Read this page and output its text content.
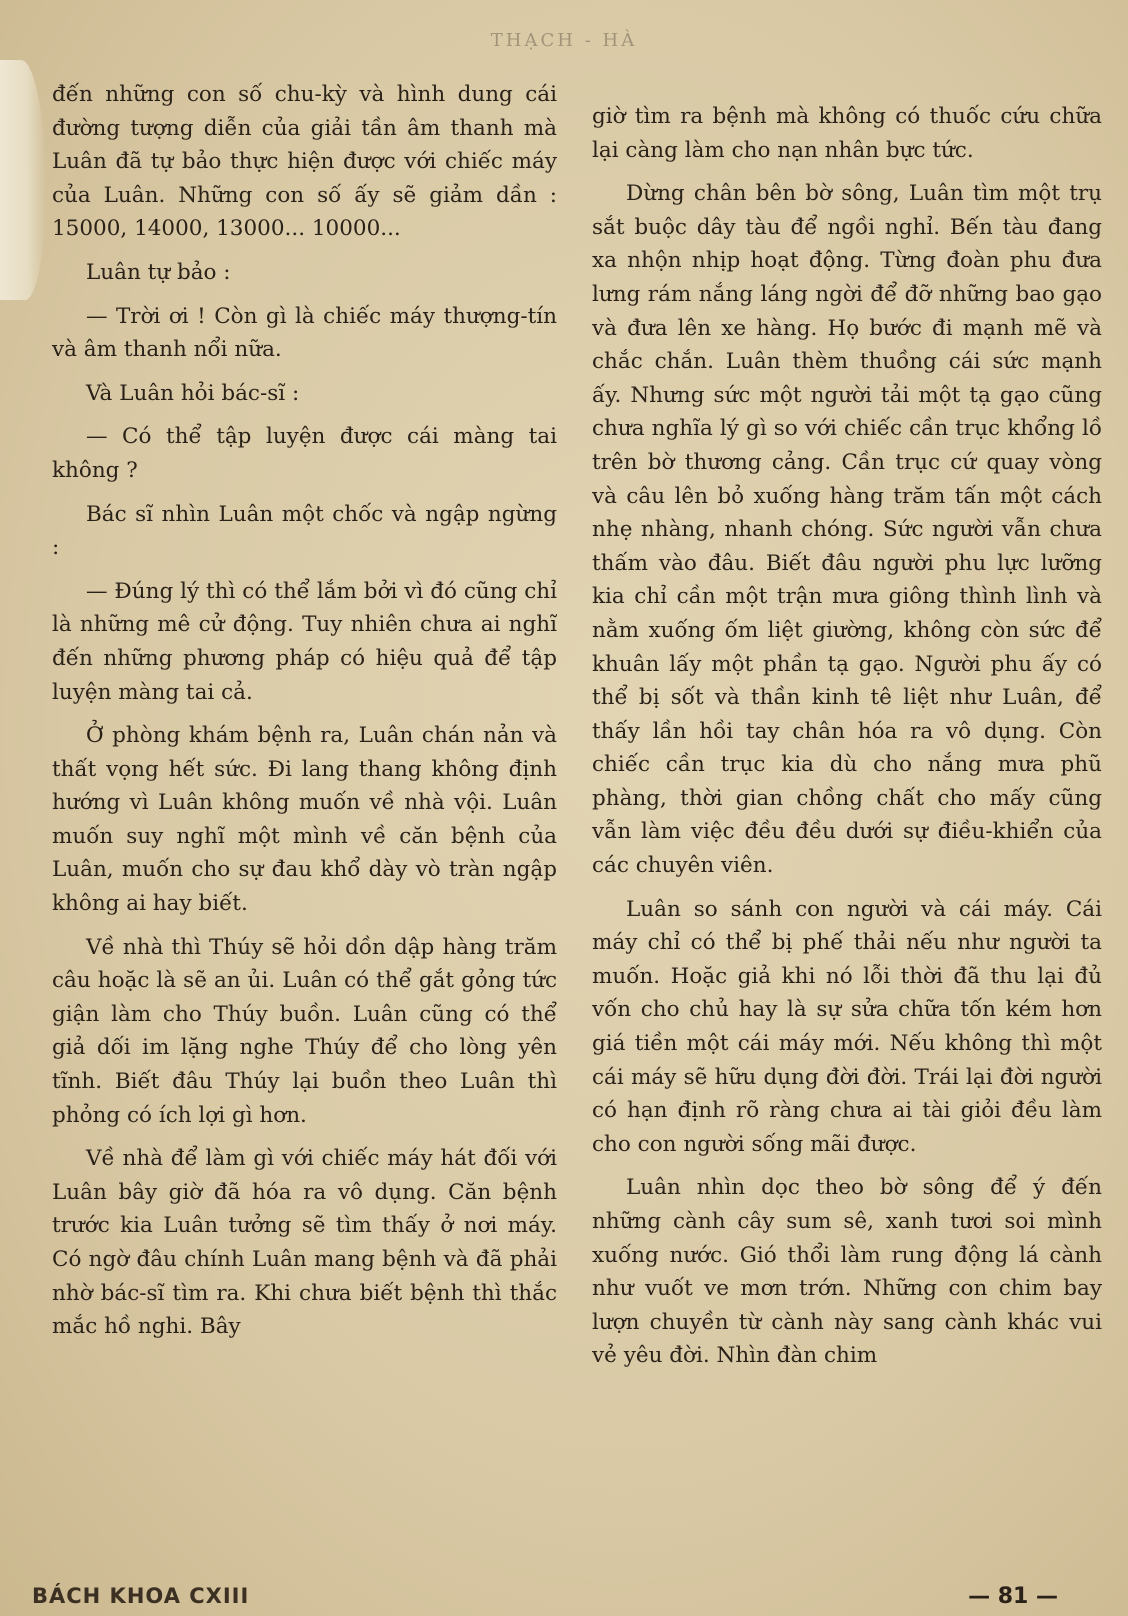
THẠCH - HÀ

đến những con số chu-kỳ và hình dung cái đường tượng diễn của giải tần âm thanh mà Luân đã tự bảo thực hiện được với chiếc máy của Luân. Những con số ấy sẽ giảm dần : 15000, 14000, 13000... 10000...

Luân tự bảo :

— Trời ơi ! Còn gì là chiếc máy thượng-tín và âm thanh nổi nữa.

Và Luân hỏi bác-sĩ :

— Có thể tập luyện được cái màng tai không ?

Bác sĩ nhìn Luân một chốc và ngập ngừng :

— Đúng lý thì có thể lắm bởi vì đó cũng chỉ là những mê cử động. Tuy nhiên chưa ai nghĩ đến những phương pháp có hiệu quả để tập luyện màng tai cả.

Ở phòng khám bệnh ra, Luân chán nản và thất vọng hết sức. Đi lang thang không định hướng vì Luân không muốn về nhà vội. Luân muốn suy nghĩ một mình về căn bệnh của Luân, muốn cho sự đau khổ dày vò tràn ngập không ai hay biết.

Về nhà thì Thúy sẽ hỏi dồn dập hàng trăm câu hoặc là sẽ an ủi. Luân có thể gắt gỏng tức giận làm cho Thúy buồn. Luân cũng có thể giả dối im lặng nghe Thúy để cho lòng yên tĩnh. Biết đâu Thúy lại buồn theo Luân thì phỏng có ích lợi gì hơn.

Về nhà để làm gì với chiếc máy hát đối với Luân bây giờ đã hóa ra vô dụng. Căn bệnh trước kia Luân tưởng sẽ tìm thấy ở nơi máy. Có ngờ đâu chính Luân mang bệnh và đã phải nhờ bác-sĩ tìm ra. Khi chưa biết bệnh thì thắc mắc hồ nghi. Bây

giờ tìm ra bệnh mà không có thuốc cứu chữa lại càng làm cho nạn nhân bực tức.

Dừng chân bên bờ sông, Luân tìm một trụ sắt buộc dây tàu để ngồi nghỉ. Bến tàu đang xa nhộn nhịp hoạt động. Từng đoàn phu đưa lưng rám nắng láng ngời để đỡ những bao gạo và đưa lên xe hàng. Họ bước đi mạnh mẽ và chắc chắn. Luân thèm thuồng cái sức mạnh ấy. Nhưng sức một người tải một tạ gạo cũng chưa nghĩa lý gì so với chiếc cần trục khổng lồ trên bờ thương cảng. Cần trục cứ quay vòng và câu lên bỏ xuống hàng trăm tấn một cách nhẹ nhàng, nhanh chóng. Sức người vẫn chưa thấm vào đâu. Biết đâu người phu lực lưỡng kia chỉ cần một trận mưa giông thình lình và nằm xuống ốm liệt giường, không còn sức để khuân lấy một phần tạ gạo. Người phu ấy có thể bị sốt và thần kinh tê liệt như Luân, để thấy lần hồi tay chân hóa ra vô dụng. Còn chiếc cần trục kia dù cho nắng mưa phũ phàng, thời gian chồng chất cho mấy cũng vẫn làm việc đều đều dưới sự điều-khiển của các chuyên viên.

Luân so sánh con người và cái máy. Cái máy chỉ có thể bị phế thải nếu như người ta muốn. Hoặc giả khi nó lỗi thời đã thu lại đủ vốn cho chủ hay là sự sửa chữa tốn kém hơn giá tiền một cái máy mới. Nếu không thì một cái máy sẽ hữu dụng đời đời. Trái lại đời người có hạn định rõ ràng chưa ai tài giỏi đều làm cho con người sống mãi được.

Luân nhìn dọc theo bờ sông để ý đến những cành cây sum sê, xanh tươi soi mình xuống nước. Gió thổi làm rung động lá cành như vuốt ve mơn trớn. Những con chim bay lượn chuyền từ cành này sang cành khác vui vẻ yêu đời. Nhìn đàn chim

BÁCH KHOA CXIII	— 81 —
